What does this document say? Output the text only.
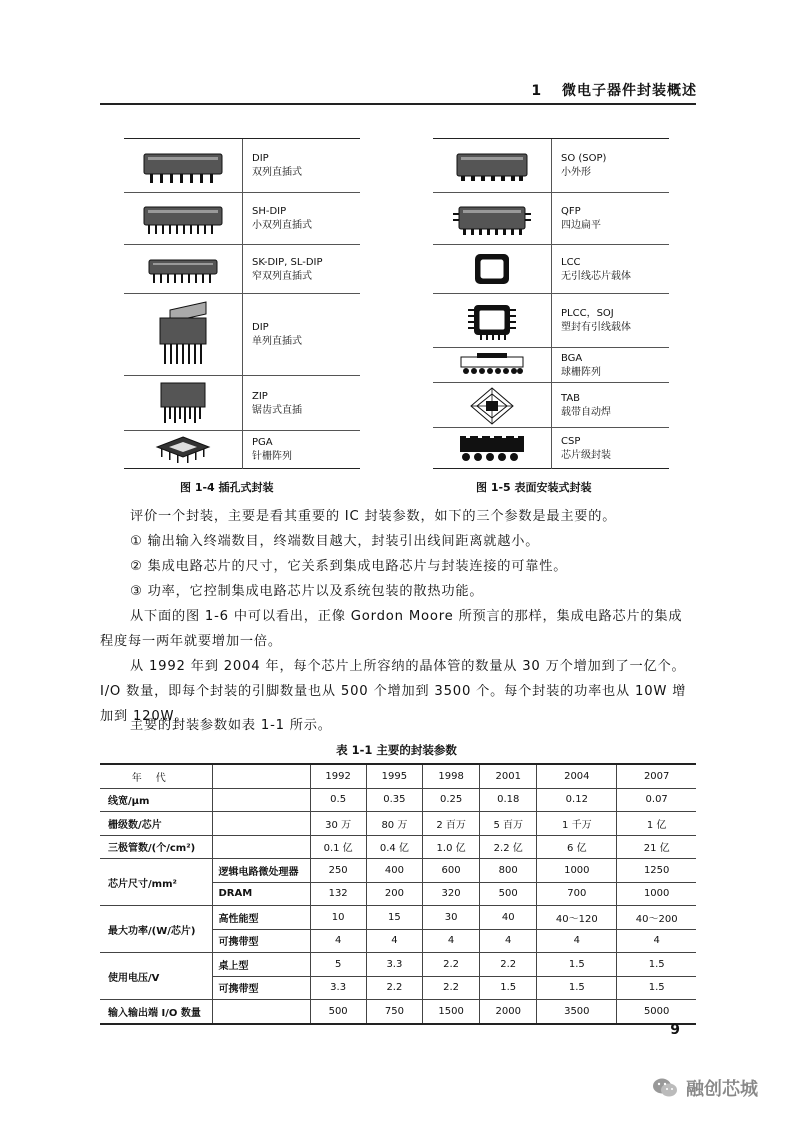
1 微电子器件封装概述
DIP
双列直插式
SH-DIP
小双列直插式
SK-DIP, SL-DIP
窄双列直插式
DIP
单列直插式
ZIP
锯齿式直插
PGA
针栅阵列
图 1-4 插孔式封装
SO (SOP)
小外形
QFP
四边扁平
LCC
无引线芯片载体
PLCC，SOJ
塑封有引线载体
BGA
球栅阵列
TAB
载带自动焊
CSP
芯片级封装
图 1-5 表面安装式封装
评价一个封装，主要是看其重要的 IC 封装参数，如下的三个参数是最主要的。
① 输出输入终端数目，终端数目越大，封装引出线间距离就越小。
② 集成电路芯片的尺寸，它关系到集成电路芯片与封装连接的可靠性。
③ 功率，它控制集成电路芯片以及系统包装的散热功能。
从下面的图 1-6 中可以看出，正像 Gordon Moore 所预言的那样，集成电路芯片的集成
程度每一两年就要增加一倍。
从 1992 年到 2004 年，每个芯片上所容纳的晶体管的数量从 30 万个增加到了一亿个。
I/O 数量，即每个封装的引脚数量也从 500 个增加到 3500 个。每个封装的功率也从 10W 增
加到 120W。
主要的封装参数如表 1-1 所示。
表 1-1 主要的封装参数
年代		1992	1995	1998	2001	2004	2007
线宽/μm		0.5	0.35	0.25	0.18	0.12	0.07
栅级数/芯片		30 万	80 万	2 百万	5 百万	1 千万	1 亿
三极管数/(个/cm²)		0.1 亿	0.4 亿	1.0 亿	2.2 亿	6 亿	21 亿
芯片尺寸/mm²	逻辑电路微处理器	250	400	600	800	1000	1250
	DRAM	132	200	320	500	700	1000
最大功率/(W/芯片)	高性能型	10	15	30	40	40～120	40～200
	可携带型	4	4	4	4	4	4
使用电压/V	桌上型	5	3.3	2.2	2.2	1.5	1.5
	可携带型	3.3	2.2	2.2	1.5	1.5	1.5
输入输出端 I/O 数量		500	750	1500	2000	3500	5000
9
融创芯城
